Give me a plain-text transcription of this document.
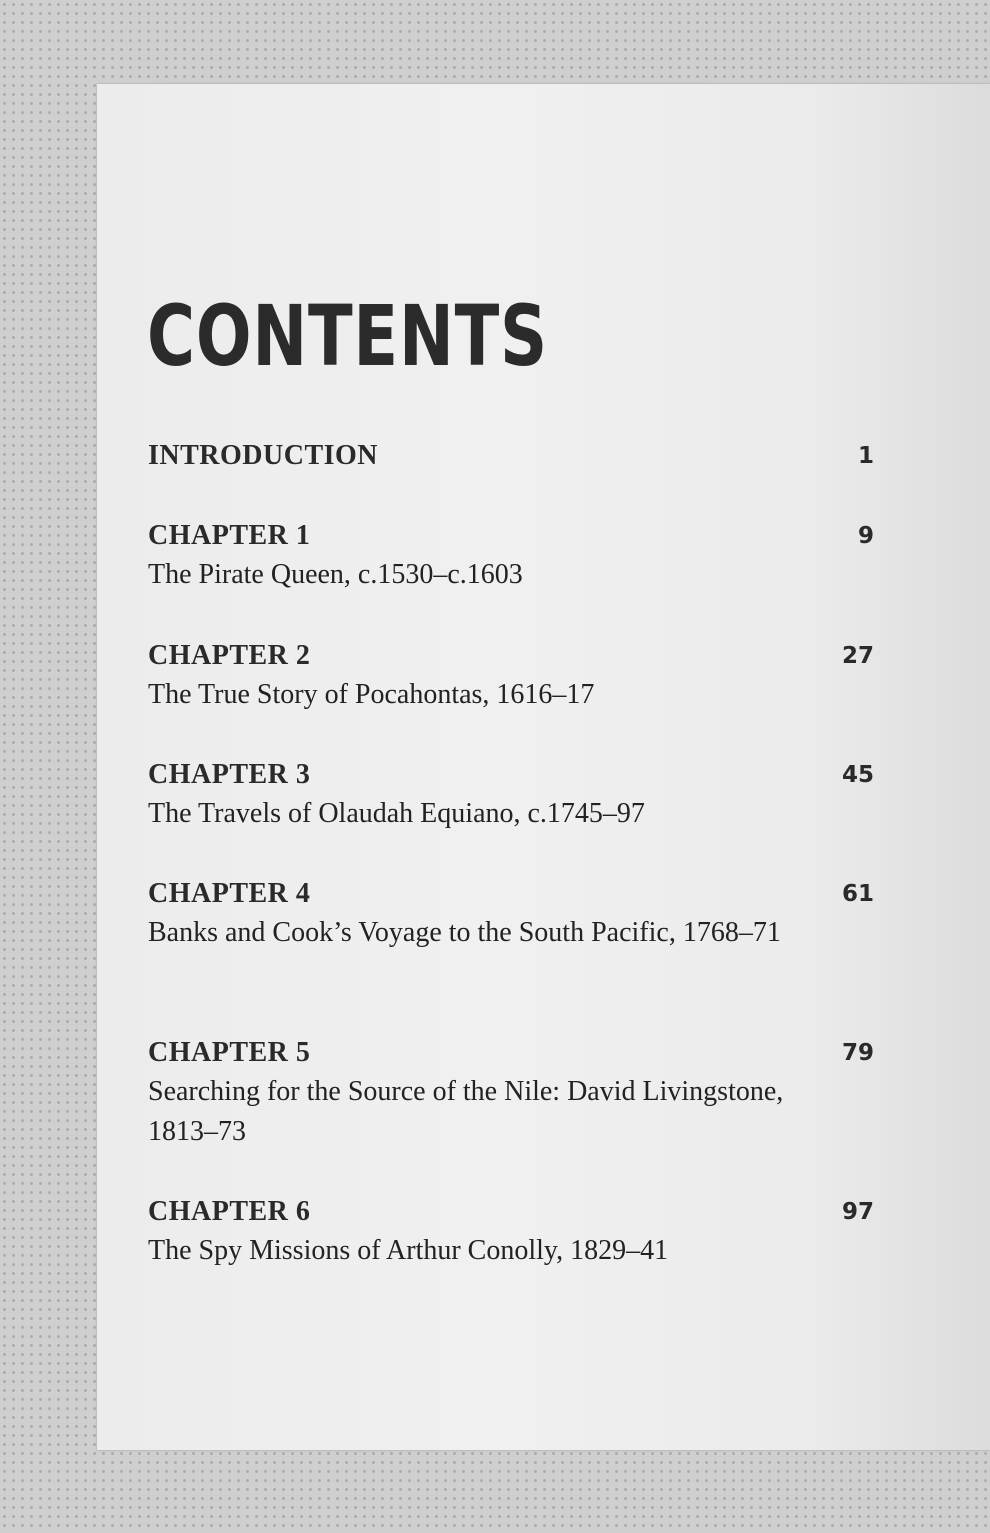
CONTENTS
INTRODUCTION	1
CHAPTER 1
The Pirate Queen, c.1530–c.1603
9
CHAPTER 2
The True Story of Pocahontas, 1616–17
27
CHAPTER 3
The Travels of Olaudah Equiano, c.1745–97
45
CHAPTER 4
Banks and Cook’s Voyage to the South Pacific, 1768–71
61
CHAPTER 5
Searching for the Source of the Nile: David Livingstone, 1813–73
79
CHAPTER 6
The Spy Missions of Arthur Conolly, 1829–41
97
